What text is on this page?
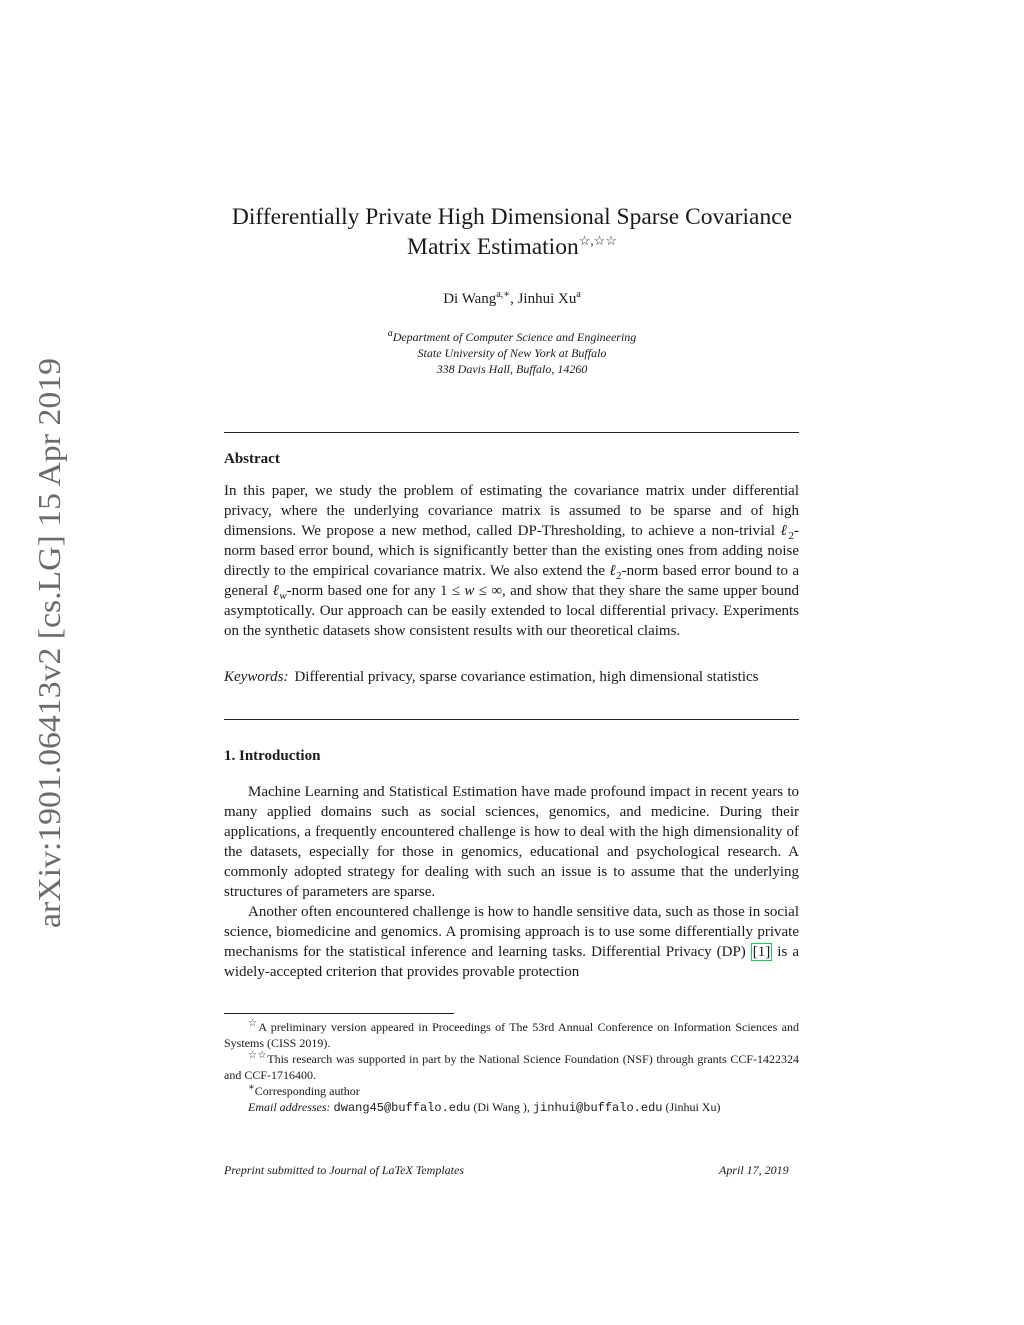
arXiv:1901.06413v2 [cs.LG] 15 Apr 2019
Differentially Private High Dimensional Sparse Covariance
Matrix Estimation☆,☆☆
Di Wang$^{a,∗}$, Jinhui Xu$^a$
$^a$Department of Computer Science and Engineering
State University of New York at Buffalo
338 Davis Hall, Buffalo, 14260
Abstract

In this paper, we study the problem of estimating the covariance matrix under differential privacy, where the underlying covariance matrix is assumed to be sparse and of high dimensions. We propose a new method, called DP-Thresholding, to achieve a non-trivial ℓ$_2$-norm based error bound, which is significantly better than the existing ones from adding noise directly to the empirical covariance matrix. We also extend the ℓ$_2$-norm based error bound to a general ℓ$_w$-norm based one for any 1 ≤ w ≤ ∞, and show that they share the same upper bound asymptotically. Our approach can be easily extended to local differential privacy. Experiments on the synthetic datasets show consistent results with our theoretical claims.

Keywords: Differential privacy, sparse covariance estimation, high dimensional statistics
1. Introduction

Machine Learning and Statistical Estimation have made profound impact in recent years to many applied domains such as social sciences, genomics, and medicine. During their applications, a frequently encountered challenge is how to deal with the high dimensionality of the datasets, especially for those in genomics, educational and psychological research. A commonly adopted strategy for dealing with such an issue is to assume that the underlying structures of parameters are sparse.

Another often encountered challenge is how to handle sensitive data, such as those in social science, biomedicine and genomics. A promising approach is to use some differentially private mechanisms for the statistical inference and learning tasks. Differential Privacy (DP) [1] is a widely-accepted criterion that provides provable protection

☆A preliminary version appeared in Proceedings of The 53rd Annual Conference on Information Sciences and Systems (CISS 2019).

☆☆This research was supported in part by the National Science Foundation (NSF) through grants CCF-1422324 and CCF-1716400.

∗Corresponding author

Email addresses: dwang45@buffalo.edu (Di Wang ), jinhui@buffalo.edu (Jinhui Xu)

Preprint submitted to Journal of LaTeX Templates	April 17, 2019
